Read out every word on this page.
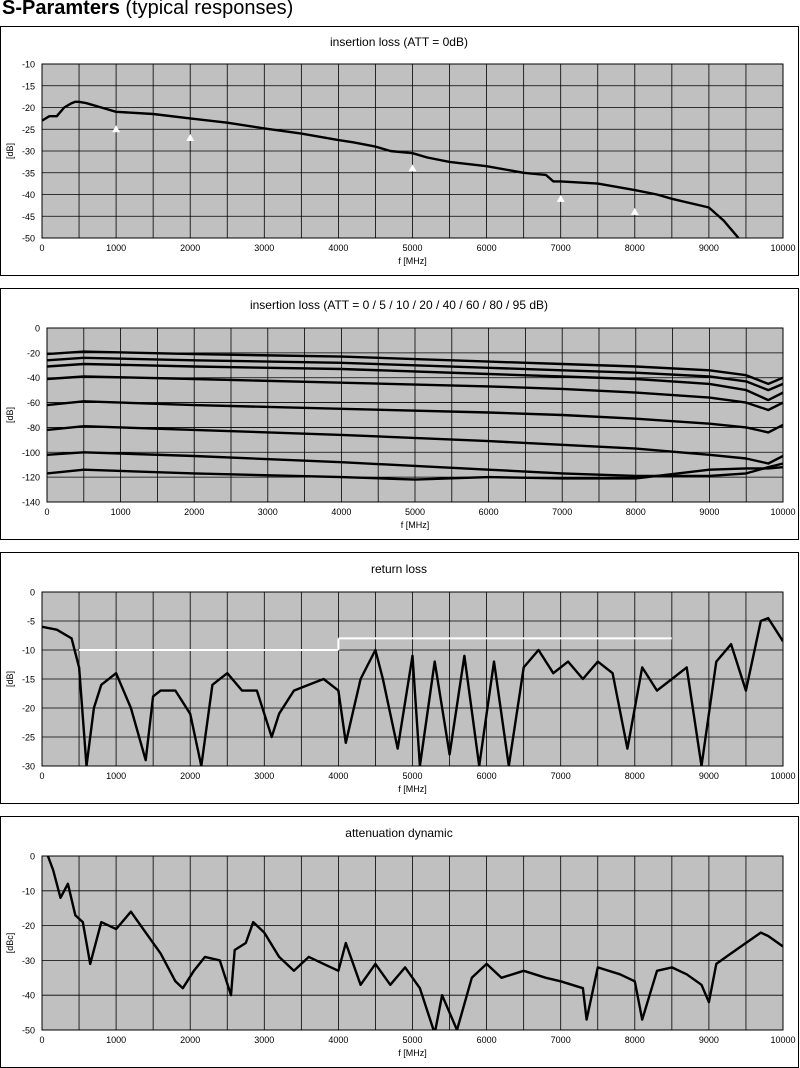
S-Paramters (typical responses)
insertion loss (ATT = 0dB)
-10
-15
-20
-25
-30
-35
-40
-45
-50
0	1000	2000	3000	4000	5000	6000	7000	8000	9000	10000
f [MHz]
[dB]
insertion loss (ATT = 0 / 5 / 10 / 20 / 40 / 60 / 80 / 95 dB)
0
-20
-40
-60
-80
-100
-120
-140
0	1000	2000	3000	4000	5000	6000	7000	8000	9000	10000
f [MHz]
[dB]
return loss
0
-5
-10
-15
-20
-25
-30
0	1000	2000	3000	4000	5000	6000	7000	8000	9000	10000
f [MHz]
[dB]
attenuation dynamic
0
-10
-20
-30
-40
-50
0	1000	2000	3000	4000	5000	6000	7000	8000	9000	10000
f [MHz]
[dBc]
